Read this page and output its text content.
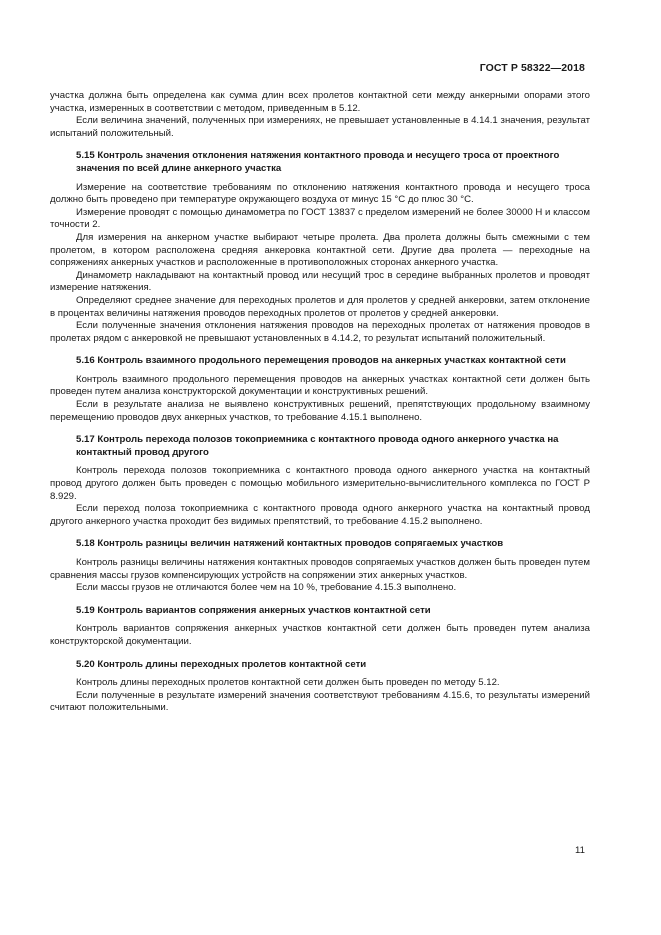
ГОСТ Р 58322—2018

участка должна быть определена как сумма длин всех пролетов контактной сети между анкерными опорами этого участка, измеренных в соответствии с методом, приведенным в 5.12.

Если величина значений, полученных при измерениях, не превышает установленные в 4.14.1 значения, результат испытаний положительный.

5.15 Контроль значения отклонения натяжения контактного провода и несущего троса от проектного значения по всей длине анкерного участка

Измерение на соответствие требованиям по отклонению натяжения контактного провода и несущего троса должно быть проведено при температуре окружающего воздуха от минус 15 °С до плюс 30 °С.

Измерение проводят с помощью динамометра по ГОСТ 13837 с пределом измерений не более 30000 Н и классом точности 2.

Для измерения на анкерном участке выбирают четыре пролета. Два пролета должны быть смежными с тем пролетом, в котором расположена средняя анкеровка контактной сети. Другие два пролета — переходные на сопряжениях анкерных участков и расположенные в противоположных сторонах анкерного участка.

Динамометр накладывают на контактный провод или несущий трос в середине выбранных пролетов и проводят измерение натяжения.

Определяют среднее значение для переходных пролетов и для пролетов у средней анкеровки, затем отклонение в процентах величины натяжения проводов переходных пролетов от пролетов у средней анкеровки.

Если полученные значения отклонения натяжения проводов на переходных пролетах от натяжения проводов в пролетах рядом с анкеровкой не превышают установленных в 4.14.2, то результат испытаний положительный.

5.16 Контроль взаимного продольного перемещения проводов на анкерных участках контактной сети

Контроль взаимного продольного перемещения проводов на анкерных участках контактной сети должен быть проведен путем анализа конструкторской документации и конструктивных решений.

Если в результате анализа не выявлено конструктивных решений, препятствующих продольному взаимному перемещению проводов двух анкерных участков, то требование 4.15.1 выполнено.

5.17 Контроль перехода полозов токоприемника с контактного провода одного анкерного участка на контактный провод другого

Контроль перехода полозов токоприемника с контактного провода одного анкерного участка на контактный провод другого должен быть проведен с помощью мобильного измерительно-вычислительного комплекса по ГОСТ Р 8.929.

Если переход полоза токоприемника с контактного провода одного анкерного участка на контактный провод другого анкерного участка проходит без видимых препятствий, то требование 4.15.2 выполнено.

5.18 Контроль разницы величин натяжений контактных проводов сопрягаемых участков

Контроль разницы величины натяжения контактных проводов сопрягаемых участков должен быть проведен путем сравнения массы грузов компенсирующих устройств на сопряжении этих анкерных участков.

Если массы грузов не отличаются более чем на 10 %, требование 4.15.3 выполнено.

5.19 Контроль вариантов сопряжения анкерных участков контактной сети

Контроль вариантов сопряжения анкерных участков контактной сети должен быть проведен путем анализа конструкторской документации.

5.20 Контроль длины переходных пролетов контактной сети

Контроль длины переходных пролетов контактной сети должен быть проведен по методу 5.12.

Если полученные в результате измерений значения соответствуют требованиям 4.15.6, то результаты измерений считают положительными.

11
